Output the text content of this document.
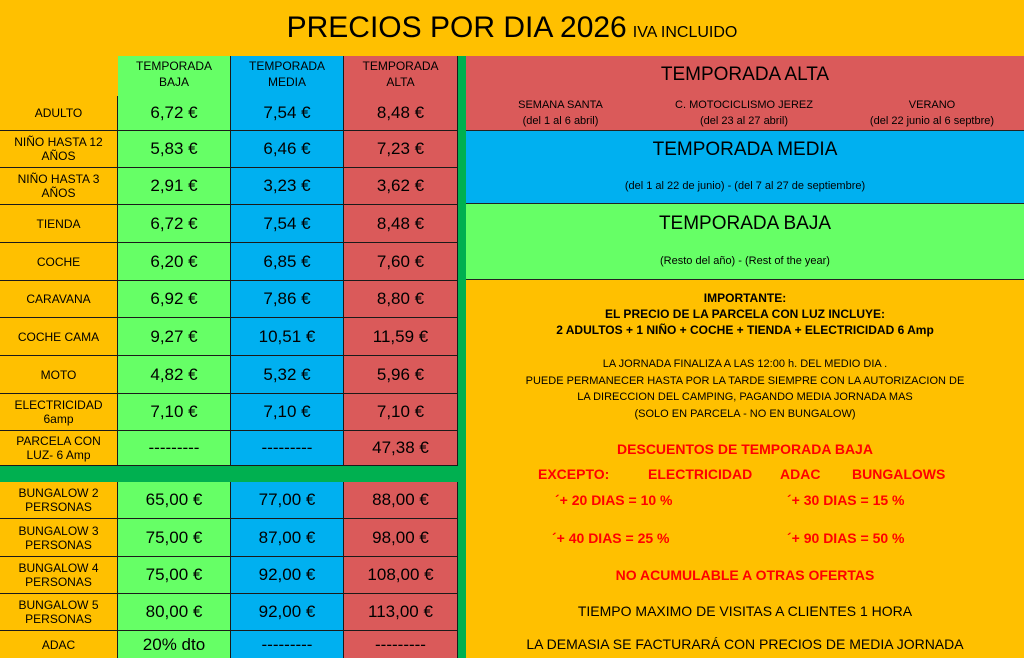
PRECIOS POR DIA 2026 IVA INCLUIDO
TEMPORADA BAJA
TEMPORADA MEDIA
TEMPORADA ALTA
ADULTO	6,72 €	7,54 €	8,48 €
NIÑO HASTA 12 AÑOS	5,83 €	6,46 €	7,23 €
NIÑO HASTA 3 AÑOS	2,91 €	3,23 €	3,62 €
TIENDA	6,72 €	7,54 €	8,48 €
COCHE	6,20 €	6,85 €	7,60 €
CARAVANA	6,92 €	7,86 €	8,80 €
COCHE CAMA	9,27 €	10,51 €	11,59 €
MOTO	4,82 €	5,32 €	5,96 €
ELECTRICIDAD 6amp	7,10 €	7,10 €	7,10 €
PARCELA CON LUZ- 6 Amp	---------	---------	47,38 €
BUNGALOW 2 PERSONAS	65,00 €	77,00 €	88,00 €
BUNGALOW 3 PERSONAS	75,00 €	87,00 €	98,00 €
BUNGALOW 4 PERSONAS	75,00 €	92,00 €	108,00 €
BUNGALOW 5 PERSONAS	80,00 €	92,00 €	113,00 €
ADAC	20% dto	---------	---------
TEMPORADA ALTA
SEMANA SANTA
(del 1 al 6 abril)
C. MOTOCICLISMO JEREZ
(del 23 al 27 abril)
VERANO
(del 22 junio al 6 septbre)
TEMPORADA MEDIA
(del 1 al 22 de junio) - (del 7 al 27 de septiembre)
TEMPORADA BAJA
(Resto del año) - (Rest of the year)
IMPORTANTE:
EL PRECIO DE LA PARCELA CON LUZ INCLUYE:
2 ADULTOS + 1 NIÑO + COCHE + TIENDA + ELECTRICIDAD 6 Amp
LA JORNADA FINALIZA A LAS 12:00 h. DEL MEDIO DIA .
PUEDE PERMANECER HASTA POR LA TARDE SIEMPRE CON LA AUTORIZACION DE
LA DIRECCION DEL CAMPING, PAGANDO MEDIA JORNADA MAS
(SOLO EN PARCELA - NO EN BUNGALOW)
DESCUENTOS DE TEMPORADA BAJA
EXCEPTO:	ELECTRICIDAD ADAC BUNGALOWS
´+ 20 DIAS = 10 %	´+ 30 DIAS = 15 %
´+ 40 DIAS = 25 %	´+ 90 DIAS = 50 %
NO ACUMULABLE A OTRAS OFERTAS
TIEMPO MAXIMO DE VISITAS A CLIENTES 1 HORA
LA DEMASIA SE FACTURARÁ CON PRECIOS DE MEDIA JORNADA
